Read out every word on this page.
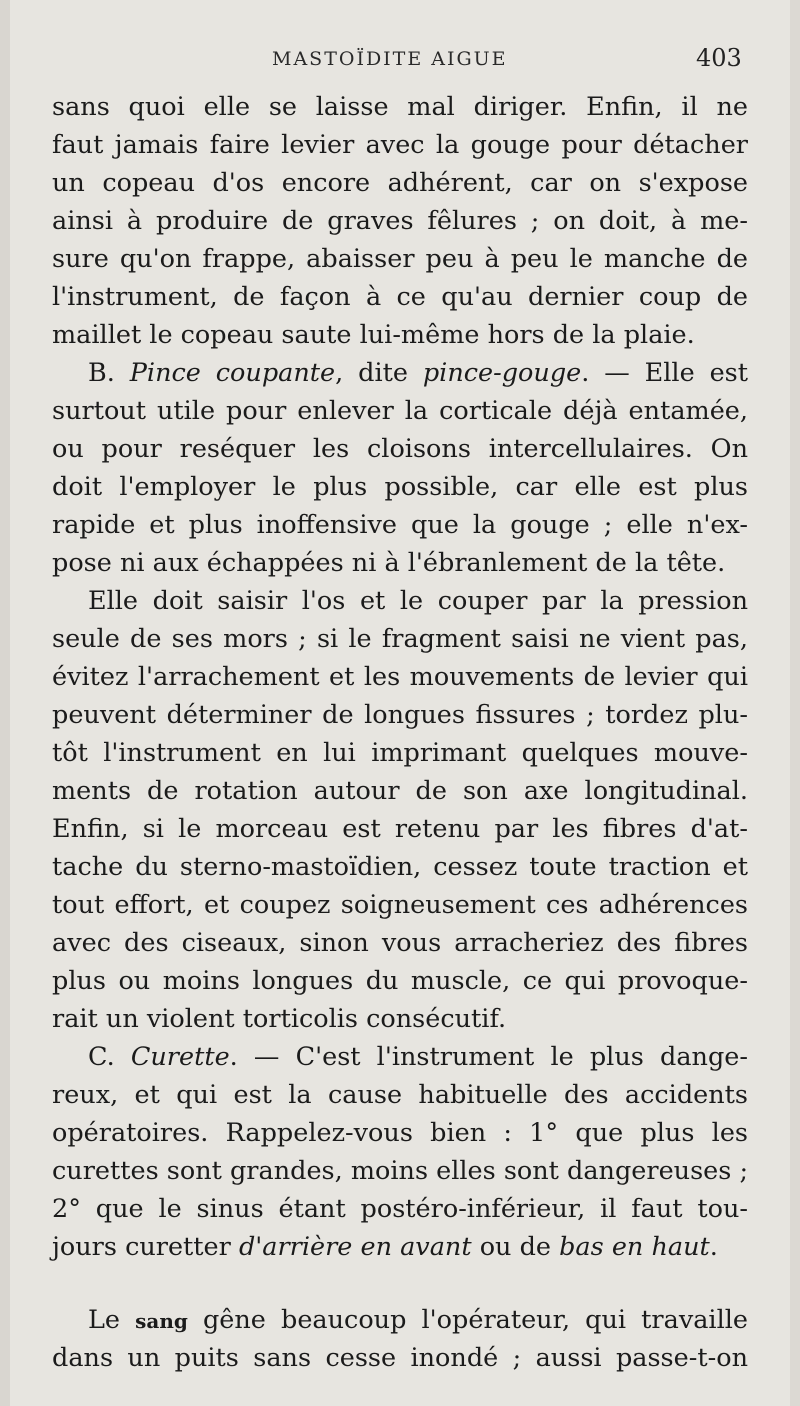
MASTOÏDITE AIGUE	403
sans quoi elle se laisse mal diriger. Enfin, il ne
faut jamais faire levier avec la gouge pour détacher
un copeau d'os encore adhérent, car on s'expose
ainsi à produire de graves fêlures ; on doit, à me-
sure qu'on frappe, abaisser peu à peu le manche de
l'instrument, de façon à ce qu'au dernier coup de
maillet le copeau saute lui-même hors de la plaie.
B. Pince coupante, dite pince-gouge. — Elle est
surtout utile pour enlever la corticale déjà entamée,
ou pour reséquer les cloisons intercellulaires. On
doit l'employer le plus possible, car elle est plus
rapide et plus inoffensive que la gouge ; elle n'ex-
pose ni aux échappées ni à l'ébranlement de la tête.
Elle doit saisir l'os et le couper par la pression
seule de ses mors ; si le fragment saisi ne vient pas,
évitez l'arrachement et les mouvements de levier qui
peuvent déterminer de longues fissures ; tordez plu-
tôt l'instrument en lui imprimant quelques mouve-
ments de rotation autour de son axe longitudinal.
Enfin, si le morceau est retenu par les fibres d'at-
tache du sterno-mastoïdien, cessez toute traction et
tout effort, et coupez soigneusement ces adhérences
avec des ciseaux, sinon vous arracheriez des fibres
plus ou moins longues du muscle, ce qui provoque-
rait un violent torticolis consécutif.
C. Curette. — C'est l'instrument le plus dange-
reux, et qui est la cause habituelle des accidents
opératoires. Rappelez-vous bien : 1° que plus les
curettes sont grandes, moins elles sont dangereuses ;
2° que le sinus étant postéro-inférieur, il faut tou-
jours curetter d'arrière en avant ou de bas en haut.
Le sang gêne beaucoup l'opérateur, qui travaille
dans un puits sans cesse inondé ; aussi passe-t-on
